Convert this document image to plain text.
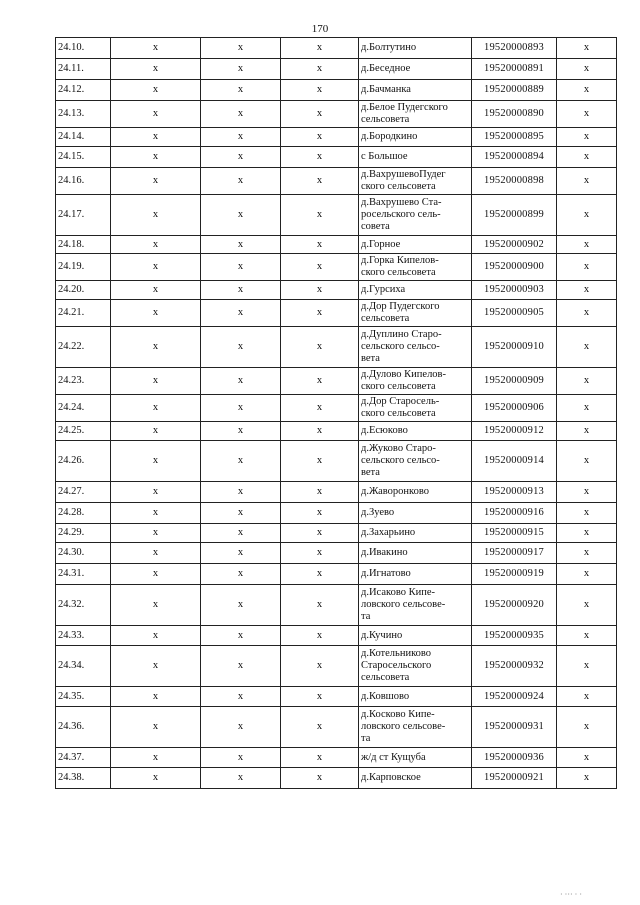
170
24.10.	x	x	x	д.Болтутино	19520000893	x
24.11.	x	x	x	д.Беседное	19520000891	x
24.12.	x	x	x	д.Бачманка	19520000889	x
24.13.	x	x	x	д.Белое Пудегского
сельсовета	19520000890	x
24.14.	x	x	x	д.Бородкино	19520000895	x
24.15.	x	x	x	с Большое	19520000894	x
24.16.	x	x	x	д.ВахрушевоПудег
ского сельсовета	19520000898	x
24.17.	x	x	x	д.Вахрушево Ста-
росельского сель-
совета	19520000899	x
24.18.	x	x	x	д.Горное	19520000902	x
24.19.	x	x	x	д.Горка Кипелов-
ского сельсовета	19520000900	x
24.20.	x	x	x	д.Гурсиха	19520000903	x
24.21.	x	x	x	д.Дор Пудегского
сельсовета	19520000905	x
24.22.	x	x	x	д.Дуплино Старо-
сельского сельсо-
вета	19520000910	x
24.23.	x	x	x	д.Дулово Кипелов-
ского сельсовета	19520000909	x
24.24.	x	x	x	д.Дор Старосель-
ского сельсовета	19520000906	x
24.25.	x	x	x	д.Есюково	19520000912	x
24.26.	x	x	x	д.Жуково Старо-
сельского сельсо-
вета	19520000914	x
24.27.	x	x	x	д.Жаворонково	19520000913	x
24.28.	x	x	x	д.Зуево	19520000916	x
24.29.	x	x	x	д.Захарьино	19520000915	x
24.30.	x	x	x	д.Ивакино	19520000917	x
24.31.	x	x	x	д.Игнатово	19520000919	x
24.32.	x	x	x	д.Исаково Кипе-
ловского сельсове-
та	19520000920	x
24.33.	x	x	x	д.Кучино	19520000935	x
24.34.	x	x	x	д.Котельниково
Старосельского
сельсовета	19520000932	x
24.35.	x	x	x	д.Ковшово	19520000924	x
24.36.	x	x	x	д.Косково Кипе-
ловского сельсове-
та	19520000931	x
24.37.	x	x	x	ж/д ст Кущуба	19520000936	x
24.38.	x	x	x	д.Карповское	19520000921	x
· ··· · ·
